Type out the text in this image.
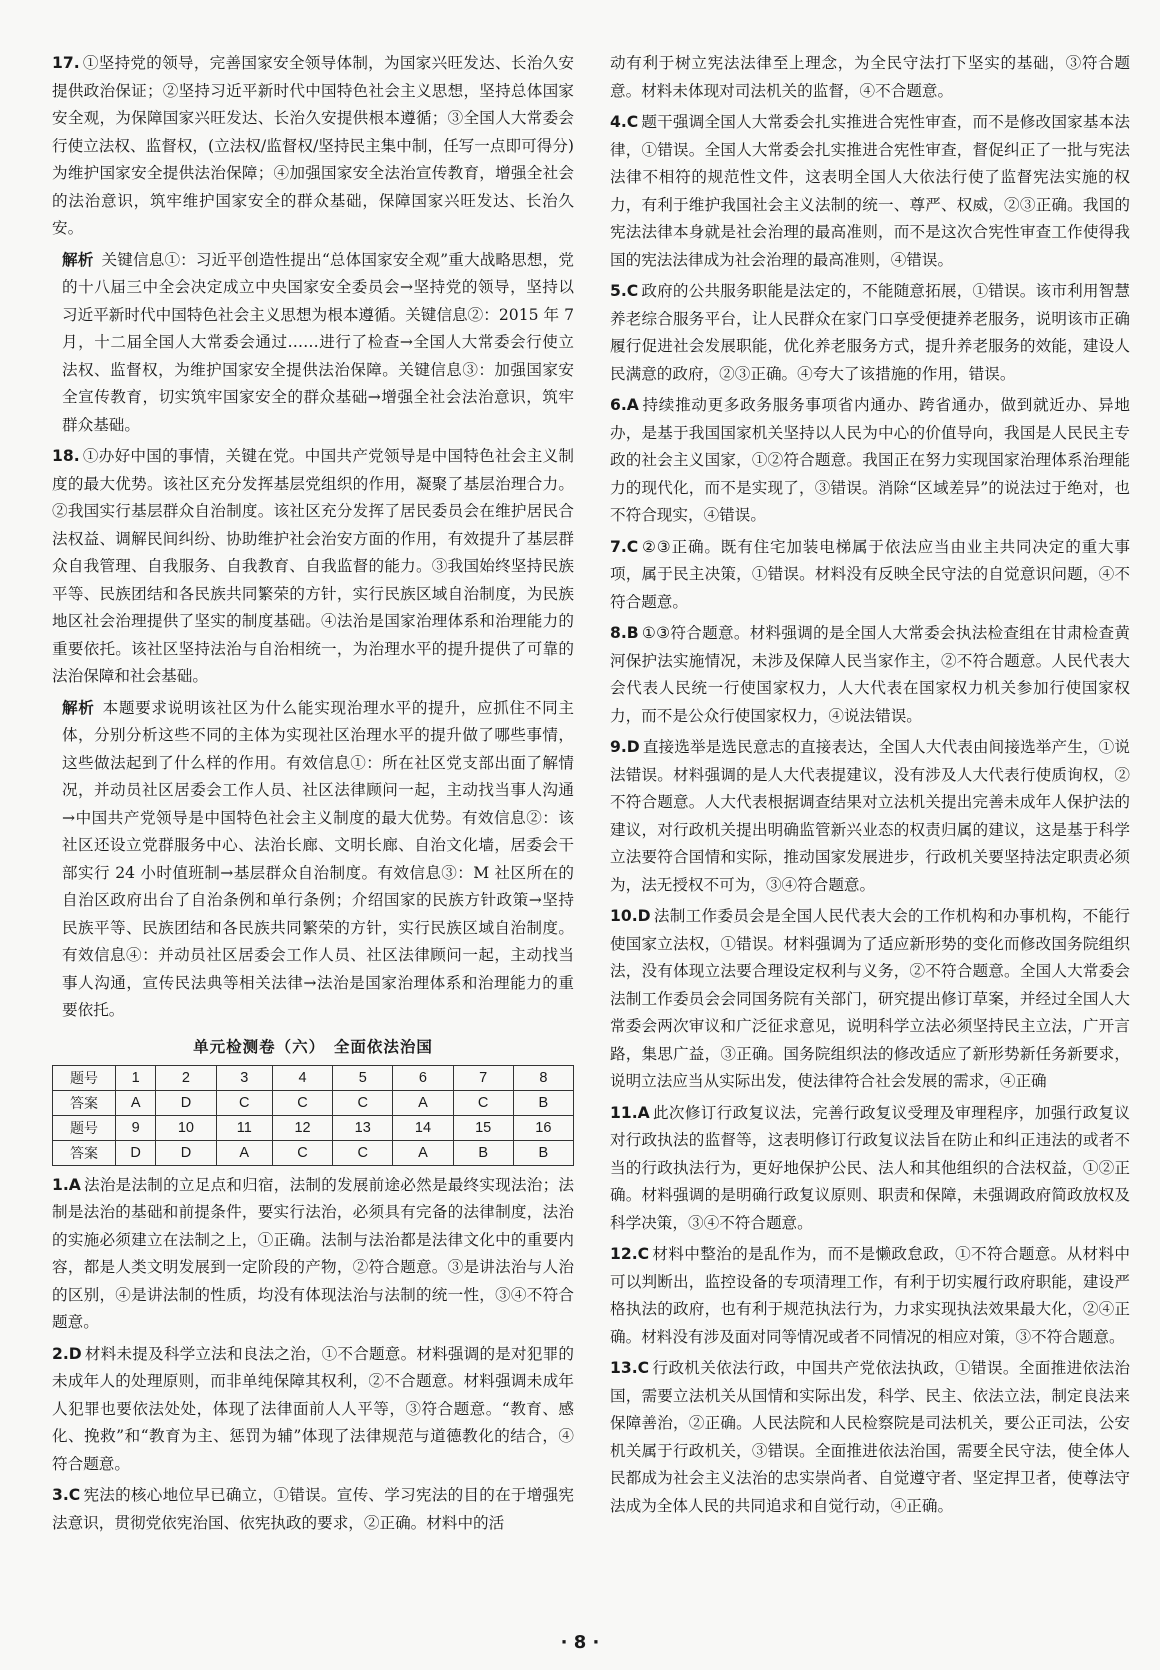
17. ①坚持党的领导，完善国家安全领导体制，为国家兴旺发达、长治久安提供政治保证；②坚持习近平新时代中国特色社会主义思想，坚持总体国家安全观，为保障国家兴旺发达、长治久安提供根本遵循；③全国人大常委会行使立法权、监督权，(立法权/监督权/坚持民主集中制，任写一点即可得分)为维护国家安全提供法治保障；④加强国家安全法治宣传教育，增强全社会的法治意识，筑牢维护国家安全的群众基础，保障国家兴旺发达、长治久安。

解析 关键信息①：习近平创造性提出“总体国家安全观”重大战略思想，党的十八届三中全会决定成立中央国家安全委员会→坚持党的领导，坚持以习近平新时代中国特色社会主义思想为根本遵循。关键信息②：2015 年 7 月，十二届全国人大常委会通过……进行了检查→全国人大常委会行使立法权、监督权，为维护国家安全提供法治保障。关键信息③：加强国家安全宣传教育，切实筑牢国家安全的群众基础→增强全社会法治意识，筑牢群众基础。

18. ①办好中国的事情，关键在党。中国共产党领导是中国特色社会主义制度的最大优势。该社区充分发挥基层党组织的作用，凝聚了基层治理合力。②我国实行基层群众自治制度。该社区充分发挥了居民委员会在维护居民合法权益、调解民间纠纷、协助维护社会治安方面的作用，有效提升了基层群众自我管理、自我服务、自我教育、自我监督的能力。③我国始终坚持民族平等、民族团结和各民族共同繁荣的方针，实行民族区域自治制度，为民族地区社会治理提供了坚实的制度基础。④法治是国家治理体系和治理能力的重要依托。该社区坚持法治与自治相统一，为治理水平的提升提供了可靠的法治保障和社会基础。

解析 本题要求说明该社区为什么能实现治理水平的提升，应抓住不同主体，分别分析这些不同的主体为实现社区治理水平的提升做了哪些事情，这些做法起到了什么样的作用。有效信息①：所在社区党支部出面了解情况，并动员社区居委会工作人员、社区法律顾问一起，主动找当事人沟通→中国共产党领导是中国特色社会主义制度的最大优势。有效信息②：该社区还设立党群服务中心、法治长廊、文明长廊、自治文化墙，居委会干部实行 24 小时值班制→基层群众自治制度。有效信息③：M 社区所在的自治区政府出台了自治条例和单行条例；介绍国家的民族方针政策→坚持民族平等、民族团结和各民族共同繁荣的方针，实行民族区域自治制度。有效信息④：并动员社区居委会工作人员、社区法律顾问一起，主动找当事人沟通，宣传民法典等相关法律→法治是国家治理体系和治理能力的重要依托。

单元检测卷（六）　全面依法治国
题号	1	2	3	4	5	6	7	8
答案	A	D	C	C	C	A	C	B
题号	9	10	11	12	13	14	15	16
答案	D	D	A	C	C	A	B	B

1.A 法治是法制的立足点和归宿，法制的发展前途必然是最终实现法治；法制是法治的基础和前提条件，要实行法治，必须具有完备的法律制度，法治的实施必须建立在法制之上，①正确。法制与法治都是法律文化中的重要内容，都是人类文明发展到一定阶段的产物，②符合题意。③是讲法治与人治的区别，④是讲法制的性质，均没有体现法治与法制的统一性，③④不符合题意。

2.D 材料未提及科学立法和良法之治，①不合题意。材料强调的是对犯罪的未成年人的处理原则，而非单纯保障其权利，②不合题意。材料强调未成年人犯罪也要依法处处，体现了法律面前人人平等，③符合题意。“教育、感化、挽救”和“教育为主、惩罚为辅”体现了法律规范与道德教化的结合，④符合题意。

3.C 宪法的核心地位早已确立，①错误。宣传、学习宪法的目的在于增强宪法意识，贯彻党依宪治国、依宪执政的要求，②正确。材料中的活

动有利于树立宪法法律至上理念，为全民守法打下坚实的基础，③符合题意。材料未体现对司法机关的监督，④不合题意。

4.C 题干强调全国人大常委会扎实推进合宪性审查，而不是修改国家基本法律，①错误。全国人大常委会扎实推进合宪性审查，督促纠正了一批与宪法法律不相符的规范性文件，这表明全国人大依法行使了监督宪法实施的权力，有利于维护我国社会主义法制的统一、尊严、权威，②③正确。我国的宪法法律本身就是社会治理的最高准则，而不是这次合宪性审查工作使得我国的宪法法律成为社会治理的最高准则，④错误。

5.C 政府的公共服务职能是法定的，不能随意拓展，①错误。该市利用智慧养老综合服务平台，让人民群众在家门口享受便捷养老服务，说明该市正确履行促进社会发展职能，优化养老服务方式，提升养老服务的效能，建设人民满意的政府，②③正确。④夸大了该措施的作用，错误。

6.A 持续推动更多政务服务事项省内通办、跨省通办，做到就近办、异地办，是基于我国国家机关坚持以人民为中心的价值导向，我国是人民民主专政的社会主义国家，①②符合题意。我国正在努力实现国家治理体系治理能力的现代化，而不是实现了，③错误。消除“区域差异”的说法过于绝对，也不符合现实，④错误。

7.C ②③正确。既有住宅加装电梯属于依法应当由业主共同决定的重大事项，属于民主决策，①错误。材料没有反映全民守法的自觉意识问题，④不符合题意。

8.B ①③符合题意。材料强调的是全国人大常委会执法检查组在甘肃检查黄河保护法实施情况，未涉及保障人民当家作主，②不符合题意。人民代表大会代表人民统一行使国家权力，人大代表在国家权力机关参加行使国家权力，而不是公众行使国家权力，④说法错误。

9.D 直接选举是选民意志的直接表达，全国人大代表由间接选举产生，①说法错误。材料强调的是人大代表提建议，没有涉及人大代表行使质询权，②不符合题意。人大代表根据调查结果对立法机关提出完善未成年人保护法的建议，对行政机关提出明确监管新兴业态的权责归属的建议，这是基于科学立法要符合国情和实际，推动国家发展进步，行政机关要坚持法定职责必须为，法无授权不可为，③④符合题意。

10.D 法制工作委员会是全国人民代表大会的工作机构和办事机构，不能行使国家立法权，①错误。材料强调为了适应新形势的变化而修改国务院组织法，没有体现立法要合理设定权利与义务，②不符合题意。全国人大常委会法制工作委员会会同国务院有关部门，研究提出修订草案，并经过全国人大常委会两次审议和广泛征求意见，说明科学立法必须坚持民主立法，广开言路，集思广益，③正确。国务院组织法的修改适应了新形势新任务新要求，说明立法应当从实际出发，使法律符合社会发展的需求，④正确

11.A 此次修订行政复议法，完善行政复议受理及审理程序，加强行政复议对行政执法的监督等，这表明修订行政复议法旨在防止和纠正违法的或者不当的行政执法行为，更好地保护公民、法人和其他组织的合法权益，①②正确。材料强调的是明确行政复议原则、职责和保障，未强调政府简政放权及科学决策，③④不符合题意。

12.C 材料中整治的是乱作为，而不是懒政怠政，①不符合题意。从材料中可以判断出，监控设备的专项清理工作，有利于切实履行政府职能，建设严格执法的政府，也有利于规范执法行为，力求实现执法效果最大化，②④正确。材料没有涉及面对同等情况或者不同情况的相应对策，③不符合题意。

13.C 行政机关依法行政，中国共产党依法执政，①错误。全面推进依法治国，需要立法机关从国情和实际出发，科学、民主、依法立法，制定良法来保障善治，②正确。人民法院和人民检察院是司法机关，要公正司法，公安机关属于行政机关，③错误。全面推进依法治国，需要全民守法，使全体人民都成为社会主义法治的忠实崇尚者、自觉遵守者、坚定捍卫者，使尊法守法成为全体人民的共同追求和自觉行动，④正确。

· 8 ·
